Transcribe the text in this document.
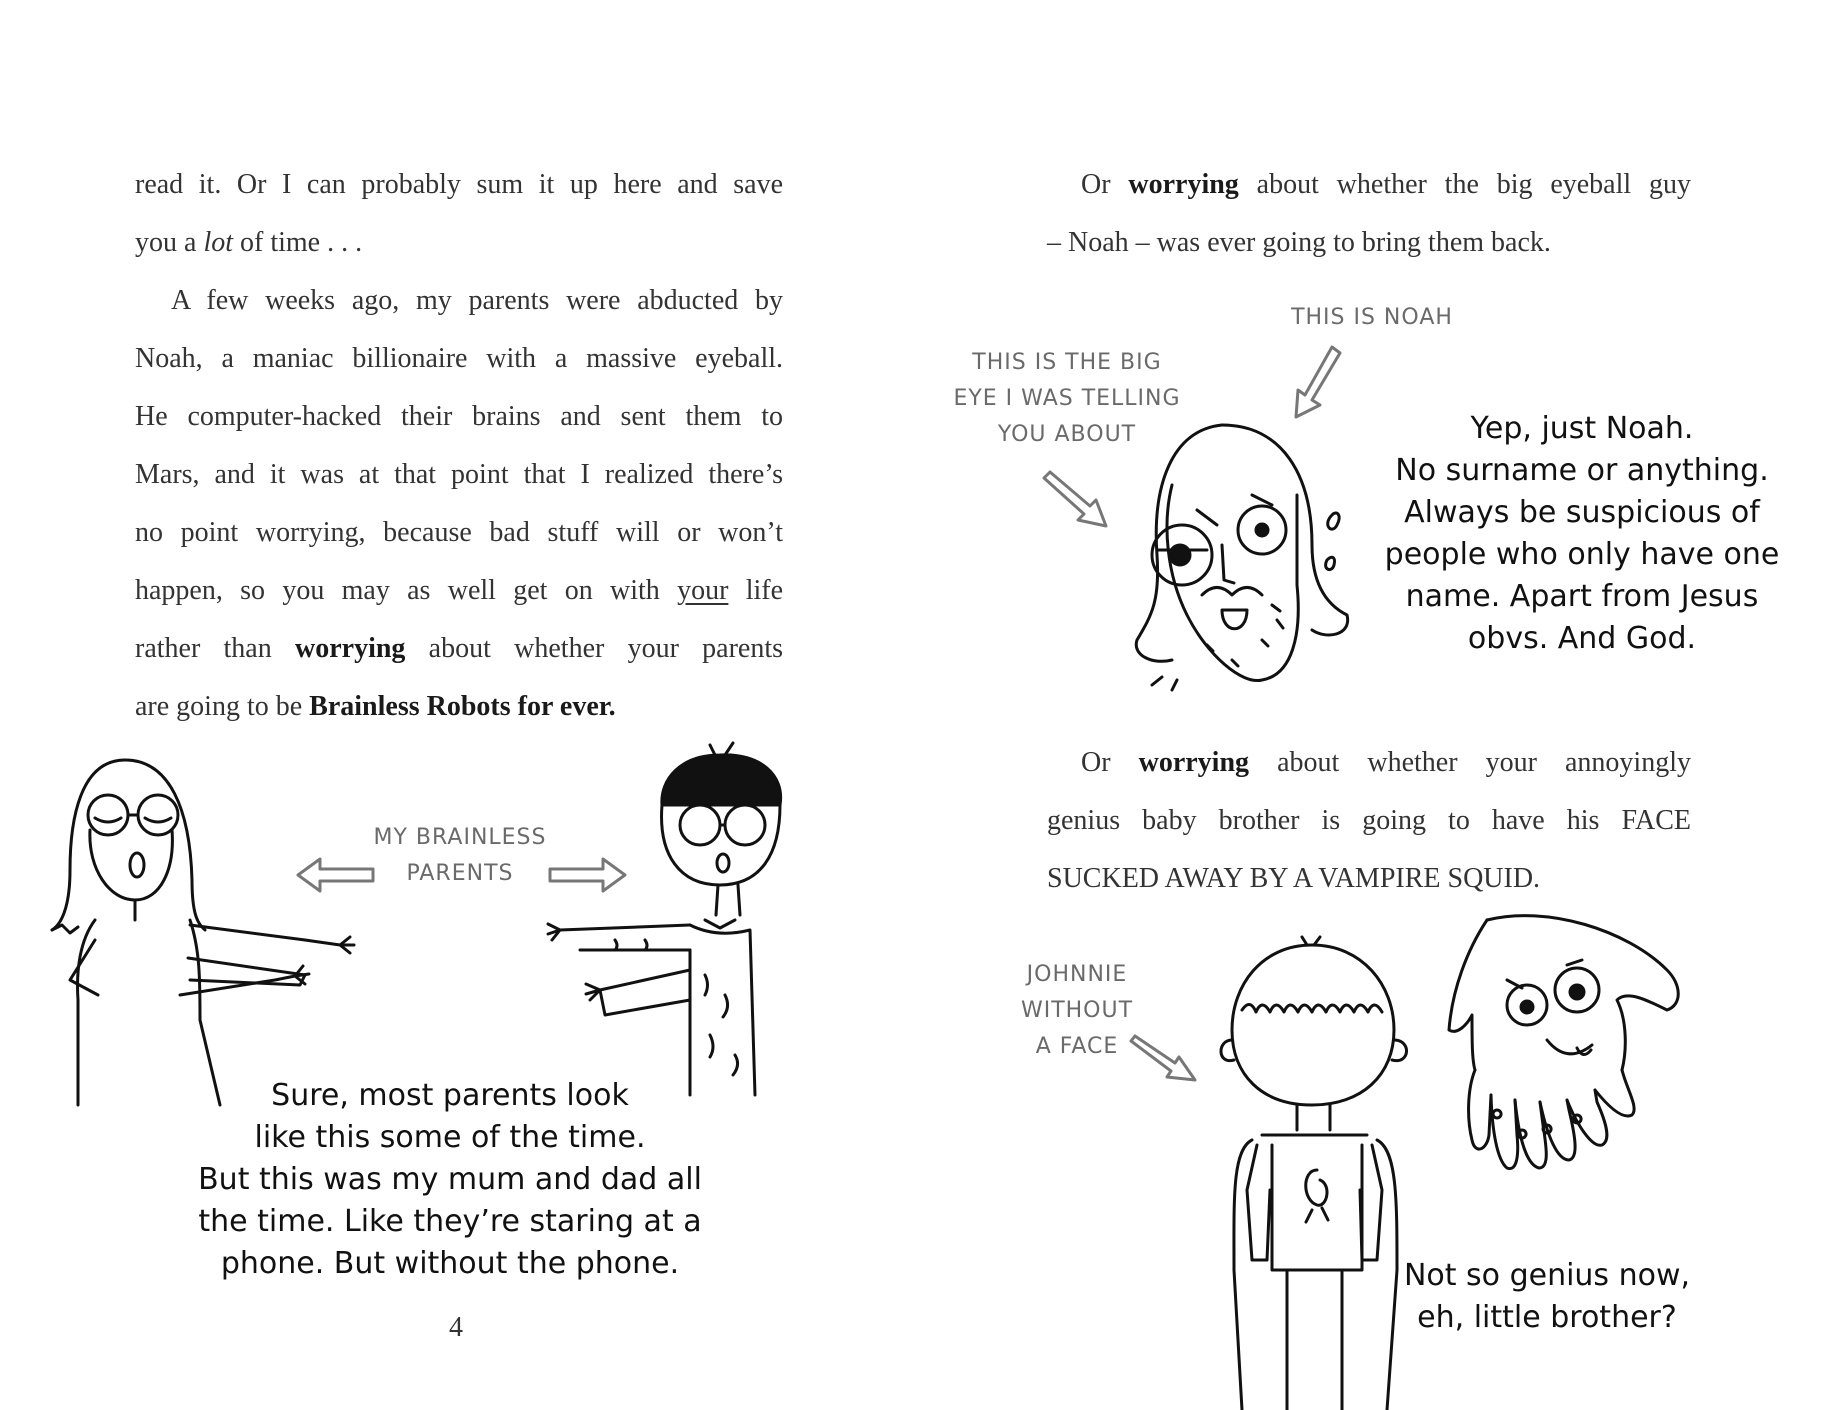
read it. Or I can probably sum it up here and save
you a lot of time . . .
A few weeks ago, my parents were abducted by
Noah, a maniac billionaire with a massive eyeball.
He computer-hacked their brains and sent them to
Mars, and it was at that point that I realized there’s
no point worrying, because bad stuff will or won’t
happen, so you may as well get on with your life
rather than worrying about whether your parents
are going to be Brainless Robots for ever.
MY BRAINLESS
PARENTS
Sure, most parents look
like this some of the time.
But this was my mum and dad all
the time. Like they’re staring at a
phone. But without the phone.
4
Or worrying about whether the big eyeball guy
– Noah – was ever going to bring them back.
THIS IS NOAH
THIS IS THE BIG
EYE I WAS TELLING
YOU ABOUT	Yep, just Noah.
No surname or anything.
Always be suspicious of
people who only have one
name. Apart from Jesus
obvs. And God.
Or worrying about whether your annoyingly
genius baby brother is going to have his FACE
SUCKED AWAY BY A VAMPIRE SQUID.
JOHNNIE
WITHOUT
A FACE
Not so genius now,
eh, little brother?
